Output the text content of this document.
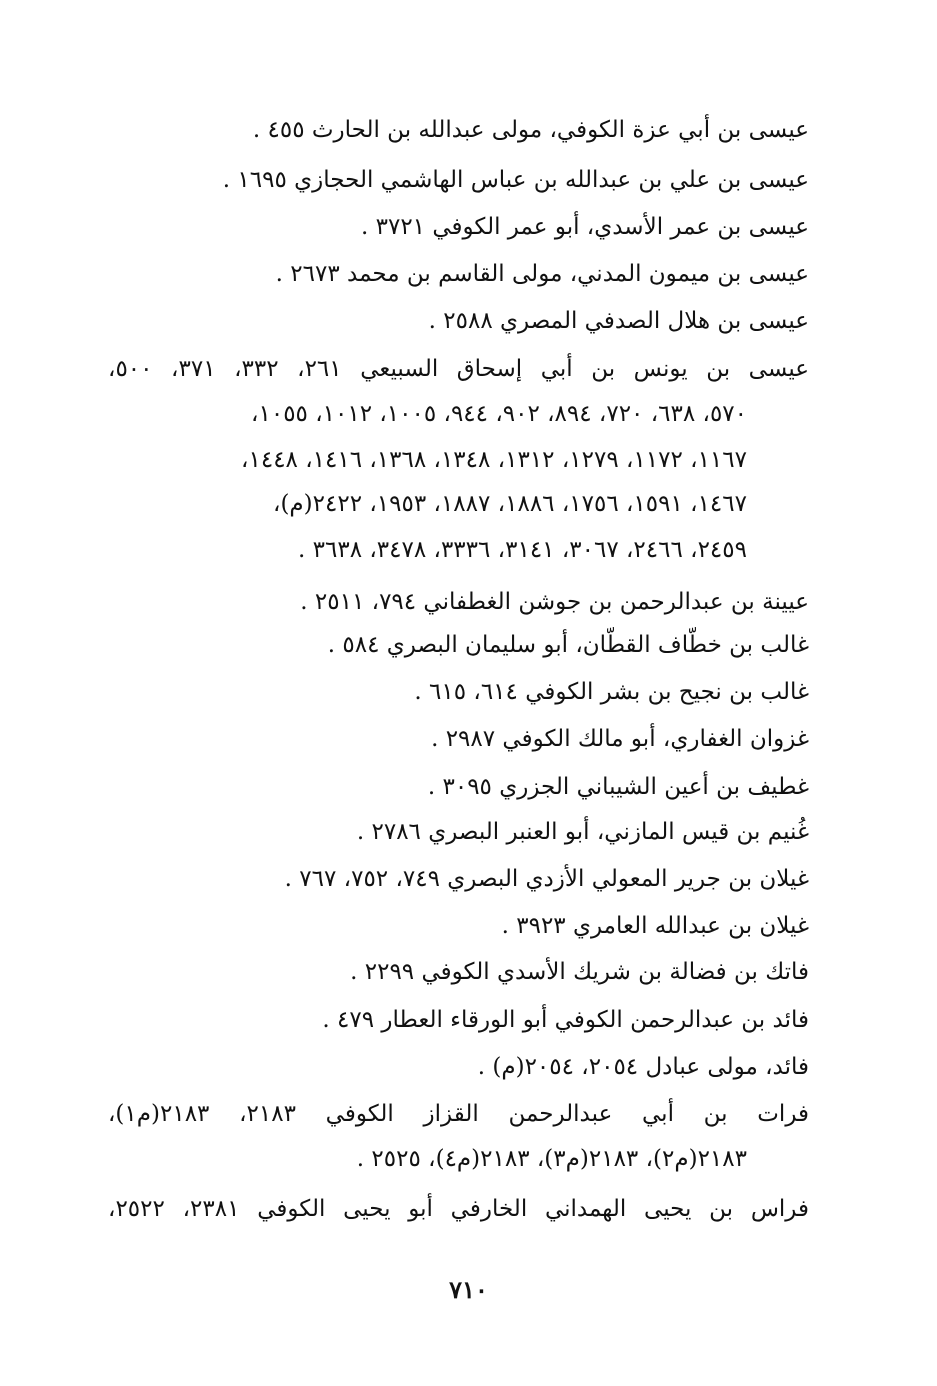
عيسى بن أبي عزة الكوفي، مولى عبدالله بن الحارث ٤٥٥ .
عيسى بن علي بن عبدالله بن عباس الهاشمي الحجازي ١٦٩٥ .
عيسى بن عمر الأسدي، أبو عمر الكوفي ٣٧٢١ .
عيسى بن ميمون المدني، مولى القاسم بن محمد ٢٦٧٣ .
عيسى بن هلال الصدفي المصري ٢٥٨٨ .
عيسى بن يونس بن أبي إسحاق السبيعي ٢٦١، ٣٣٢، ٣٧١، ٥٠٠،
٥٧٠، ٦٣٨، ٧٢٠، ٨٩٤، ٩٠٢، ٩٤٤، ١٠٠٥، ١٠١٢، ١٠٥٥،
١١٦٧، ١١٧٢، ١٢٧٩، ١٣١٢، ١٣٤٨، ١٣٦٨، ١٤١٦، ١٤٤٨،
١٤٦٧، ١٥٩١، ١٧٥٦، ١٨٨٦، ١٨٨٧، ١٩٥٣، ٢٤٢٢(م)،
٢٤٥٩، ٢٤٦٦، ٣٠٦٧، ٣١٤١، ٣٣٣٦، ٣٤٧٨، ٣٦٣٨ .
عيينة بن عبدالرحمن بن جوشن الغطفاني ٧٩٤، ٢٥١١ .
غالب بن خطّاف القطّان، أبو سليمان البصري ٥٨٤ .
غالب بن نجيح بن بشر الكوفي ٦١٤، ٦١٥ .
غزوان الغفاري، أبو مالك الكوفي ٢٩٨٧ .
غطيف بن أعين الشيباني الجزري ٣٠٩٥ .
غُنيم بن قيس المازني، أبو العنبر البصري ٢٧٨٦ .
غيلان بن جرير المعولي الأزدي البصري ٧٤٩، ٧٥٢، ٧٦٧ .
غيلان بن عبدالله العامري ٣٩٢٣ .
فاتك بن فضالة بن شريك الأسدي الكوفي ٢٢٩٩ .
فائد بن عبدالرحمن الكوفي أبو الورقاء العطار ٤٧٩ .
فائد، مولى عبادل ٢٠٥٤، ٢٠٥٤(م) .
فرات بن أبي عبدالرحمن القزاز الكوفي ٢١٨٣، ٢١٨٣(م١)،
٢١٨٣(م٢)، ٢١٨٣(م٣)، ٢١٨٣(م٤)، ٢٥٢٥ .
فراس بن يحيى الهمداني الخارفي أبو يحيى الكوفي ٢٣٨١، ٢٥٢٢،
٧١٠
